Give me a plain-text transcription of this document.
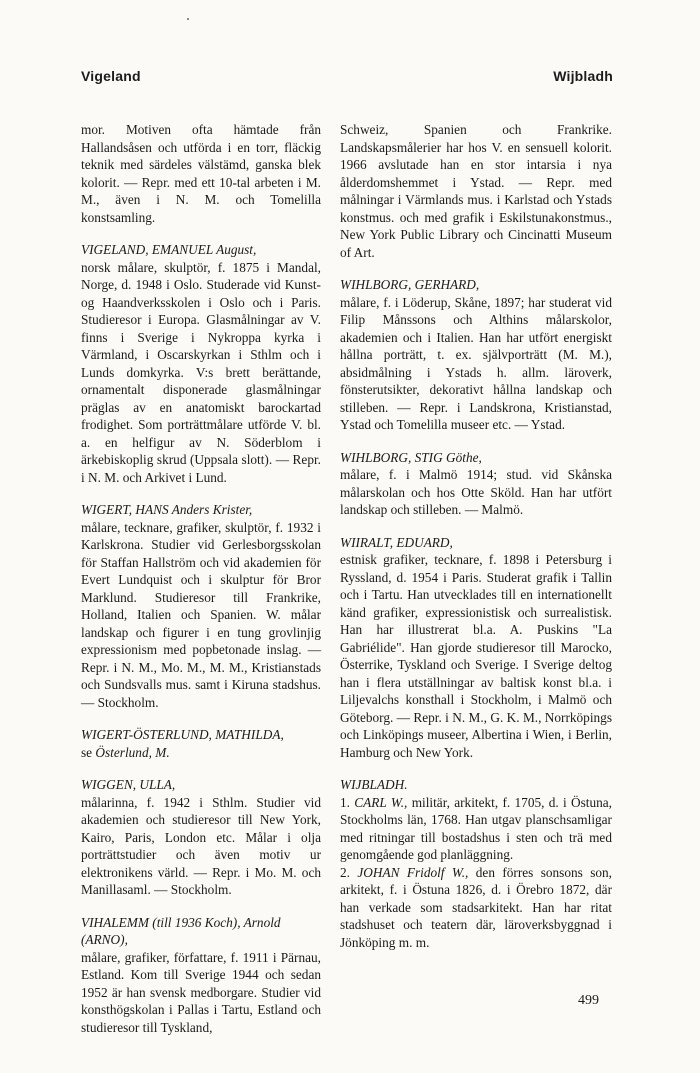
Vigeland	Wijbladh

mor. Motiven ofta hämtade från Hallandsåsen och utförda i en torr, fläckig teknik med särdeles välstämd, ganska blek kolorit. — Repr. med ett 10-tal arbeten i M. M., även i N. M. och Tomelilla konstsamling.

VIGELAND, EMANUEL August,

norsk målare, skulptör, f. 1875 i Mandal, Norge, d. 1948 i Oslo. Studerade vid Kunst- og Haandverksskolen i Oslo och i Paris. Studieresor i Europa. Glasmålningar av V. finns i Sverige i Nykroppa kyrka i Värmland, i Oscarskyrkan i Sthlm och i Lunds domkyrka. V:s brett berättande, ornamentalt disponerade glasmålningar präglas av en anatomiskt barockartad frodighet. Som porträttmålare utförde V. bl. a. en helfigur av N. Söderblom i ärkebiskoplig skrud (Uppsala slott). — Repr. i N. M. och Arkivet i Lund.

WIGERT, HANS Anders Krister,

målare, tecknare, grafiker, skulptör, f. 1932 i Karlskrona. Studier vid Gerlesborgsskolan för Staffan Hallström och vid akademien för Evert Lundquist och i skulptur för Bror Marklund. Studieresor till Frankrike, Holland, Italien och Spanien. W. målar landskap och figurer i en tung grovlinjig expressionism med popbetonade inslag. — Repr. i N. M., Mo. M., M. M., Kristianstads och Sundsvalls mus. samt i Kiruna stadshus. — Stockholm.

WIGERT-ÖSTERLUND, MATHILDA,

se Österlund, M.

WIGGEN, ULLA,

målarinna, f. 1942 i Sthlm. Studier vid akademien och studieresor till New York, Kairo, Paris, London etc. Målar i olja porträttstudier och även motiv ur elektronikens värld. — Repr. i Mo. M. och Manillasaml. — Stockholm.

VIHALEMM (till 1936 Koch), Arnold (ARNO),

målare, grafiker, författare, f. 1911 i Pärnau, Estland. Kom till Sverige 1944 och sedan 1952 är han svensk medborgare. Studier vid konsthögskolan i Pallas i Tartu, Estland och studieresor till Tyskland,

Schweiz, Spanien och Frankrike. Landskapsmålerier har hos V. en sensuell kolorit. 1966 avslutade han en stor intarsia i nya ålderdomshemmet i Ystad. — Repr. med målningar i Värmlands mus. i Karlstad och Ystads konstmus. och med grafik i Eskilstunakonstmus., New York Public Library och Cincinatti Museum of Art.

WIHLBORG, GERHARD,

målare, f. i Löderup, Skåne, 1897; har studerat vid Filip Månssons och Althins målarskolor, akademien och i Italien. Han har utfört energiskt hållna porträtt, t. ex. självporträtt (M. M.), absidmålning i Ystads h. allm. läroverk, fönsterutsikter, dekorativt hållna landskap och stilleben. — Repr. i Landskrona, Kristianstad, Ystad och Tomelilla museer etc. — Ystad.

WIHLBORG, STIG Göthe,

målare, f. i Malmö 1914; stud. vid Skånska målarskolan och hos Otte Sköld. Han har utfört landskap och stilleben. — Malmö.

WIIRALT, EDUARD,

estnisk grafiker, tecknare, f. 1898 i Petersburg i Ryssland, d. 1954 i Paris. Studerat grafik i Tallin och i Tartu. Han utvecklades till en internationellt känd grafiker, expressionistisk och surrealistisk. Han har illustrerat bl.a. A. Puskins "La Gabriélide". Han gjorde studieresor till Marocko, Österrike, Tyskland och Sverige. I Sverige deltog han i flera utställningar av baltisk konst bl.a. i Liljevalchs konsthall i Stockholm, i Malmö och Göteborg. — Repr. i N. M., G. K. M., Norrköpings och Linköpings museer, Albertina i Wien, i Berlin, Hamburg och New York.

WIJBLADH.

1. CARL W., militär, arkitekt, f. 1705, d. i Östuna, Stockholms län, 1768. Han utgav planschsamligar med ritningar till bostadshus i sten och trä med genomgående god planläggning.

2. JOHAN Fridolf W., den förres sonsons son, arkitekt, f. i Östuna 1826, d. i Örebro 1872, där han verkade som stadsarkitekt. Han har ritat stadshuset och teatern där, läroverksbyggnad i Jönköping m. m.

499
